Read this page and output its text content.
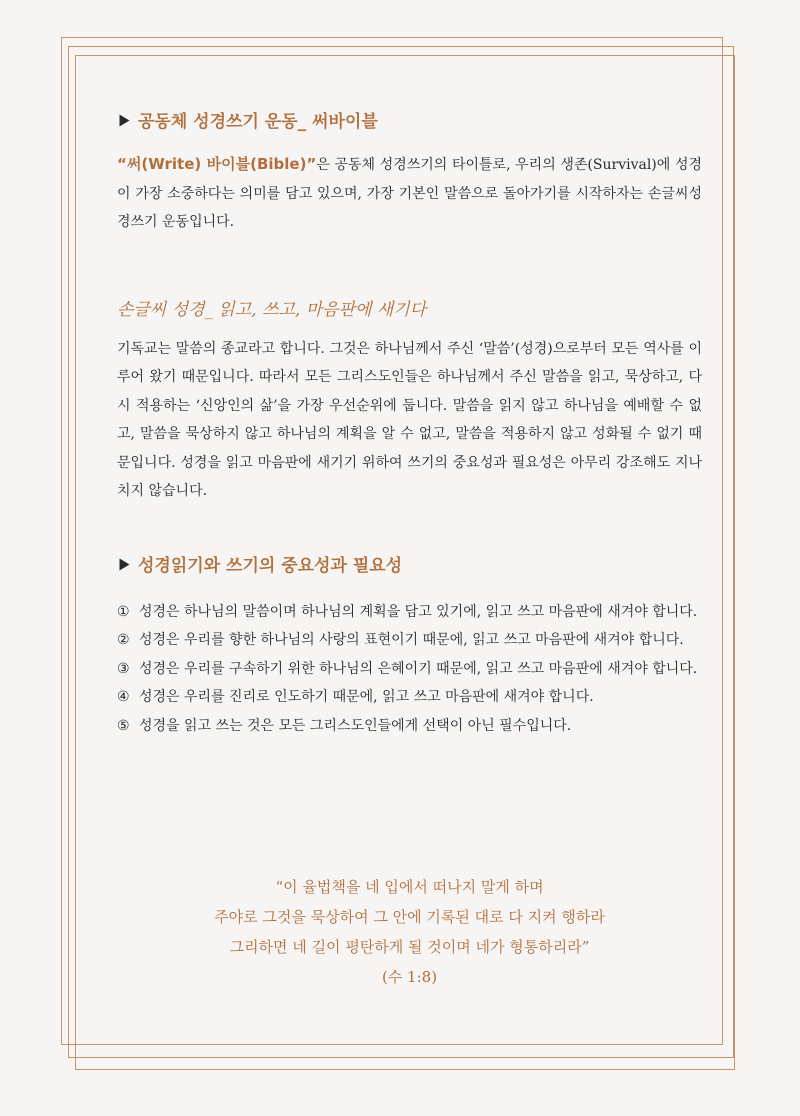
공동체 성경쓰기 운동_ 써바이블

“써(Write) 바이블(Bible)”은 공동체 성경쓰기의 타이틀로, 우리의 생존(Survival)에 성경이 가장 소중하다는 의미를 담고 있으며, 가장 기본인 말씀으로 돌아가기를 시작하자는 손글씨성경쓰기 운동입니다.

손글씨 성경_ 읽고, 쓰고, 마음판에 새기다

기독교는 말씀의 종교라고 합니다. 그것은 하나님께서 주신 ‘말씀’(성경)으로부터 모든 역사를 이루어 왔기 때문입니다. 따라서 모든 그리스도인들은 하나님께서 주신 말씀을 읽고, 묵상하고, 다시 적용하는 ‘신앙인의 삶’을 가장 우선순위에 둡니다. 말씀을 읽지 않고 하나님을 예배할 수 없고, 말씀을 묵상하지 않고 하나님의 계획을 알 수 없고, 말씀을 적용하지 않고 성화될 수 없기 때문입니다. 성경을 읽고 마음판에 새기기 위하여 쓰기의 중요성과 필요성은 아무리 강조해도 지나치지 않습니다.

성경읽기와 쓰기의 중요성과 필요성
① 성경은 하나님의 말씀이며 하나님의 계획을 담고 있기에, 읽고 쓰고 마음판에 새겨야 합니다.
② 성경은 우리를 향한 하나님의 사랑의 표현이기 때문에, 읽고 쓰고 마음판에 새겨야 합니다.
③ 성경은 우리를 구속하기 위한 하나님의 은혜이기 때문에, 읽고 쓰고 마음판에 새겨야 합니다.
④ 성경은 우리를 진리로 인도하기 때문에, 읽고 쓰고 마음판에 새겨야 합니다.
⑤ 성경을 읽고 쓰는 것은 모든 그리스도인들에게 선택이 아닌 필수입니다.
“이 율법책을 네 입에서 떠나지 말게 하며
주야로 그것을 묵상하여 그 안에 기록된 대로 다 지켜 행하라
그리하면 네 길이 평탄하게 될 것이며 네가 형통하리라”
(수 1:8)
